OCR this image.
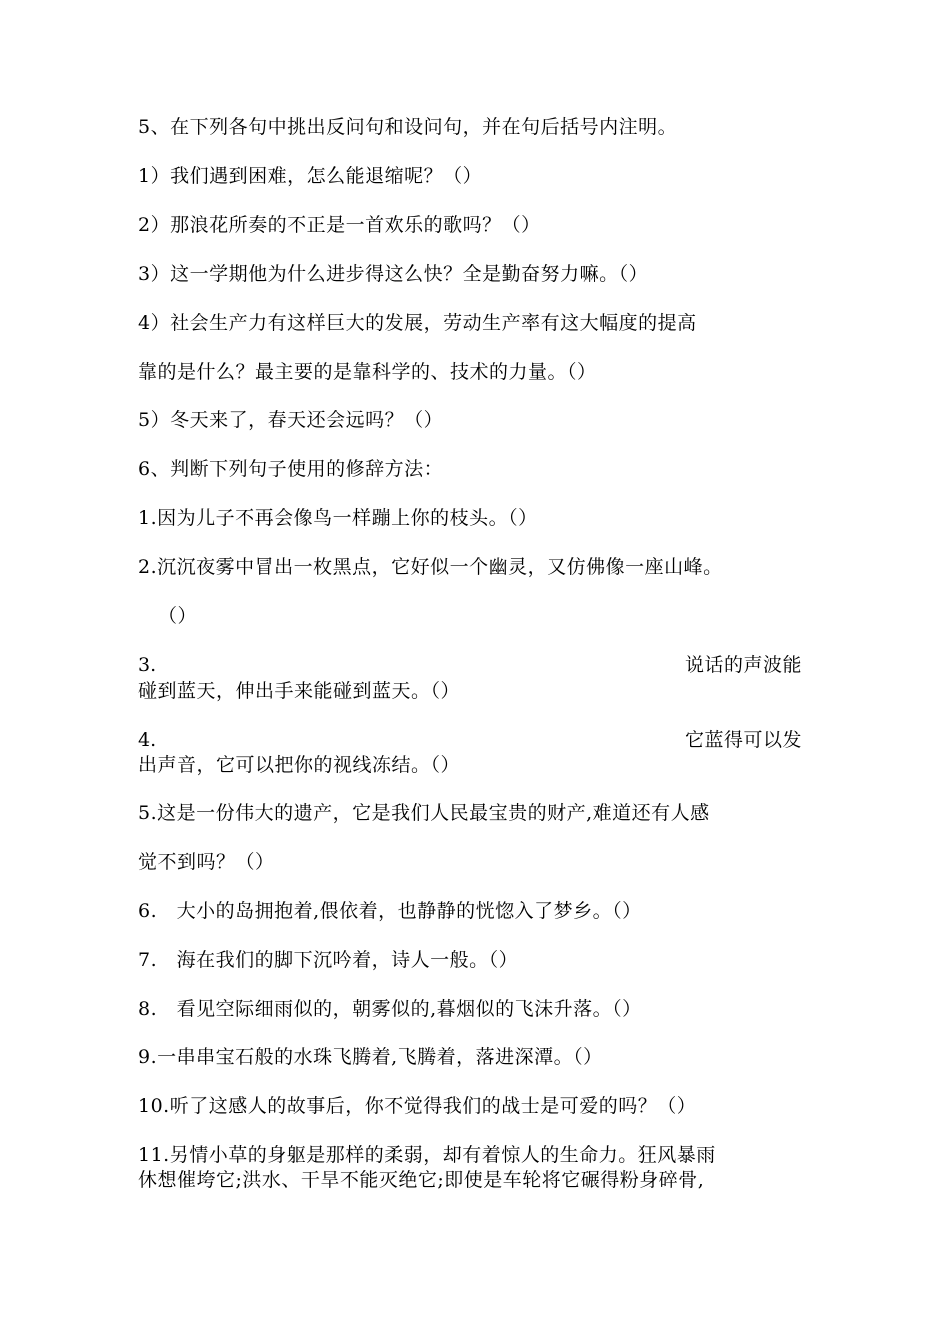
5、在下列各句中挑出反问句和设问句，并在句后括号内注明。
1）我们遇到困难，怎么能退缩呢？（）
2）那浪花所奏的不正是一首欢乐的歌吗？（）
3）这一学期他为什么进步得这么快？全是勤奋努力嘛。（）
4）社会生产力有这样巨大的发展，劳动生产率有这大幅度的提高
靠的是什么？最主要的是靠科学的、技术的力量。（）
5）冬天来了，春天还会远吗？（）
6、判断下列句子使用的修辞方法：
1.因为儿子不再会像鸟一样蹦上你的枝头。（）
2.沉沉夜雾中冒出一枚黑点，它好似一个幽灵，又仿佛像一座山峰。
（）
3.	说话的声波能
碰到蓝天，伸出手来能碰到蓝天。（）
4.	它蓝得可以发
出声音，它可以把你的视线冻结。（）
5.这是一份伟大的遗产，它是我们人民最宝贵的财产,难道还有人感
觉不到吗？（）
6.　大小的岛拥抱着,偎依着，也静静的恍惚入了梦乡。（）
7.　海在我们的脚下沉吟着，诗人一般。（）
8.　看见空际细雨似的，朝雾似的,暮烟似的飞沫升落。（）
9.一串串宝石般的水珠飞腾着,飞腾着，落进深潭。（）
10.听了这感人的故事后，你不觉得我们的战士是可爱的吗？（）
11.另情小草的身躯是那样的柔弱，却有着惊人的生命力。狂风暴雨
休想催垮它;洪水、干旱不能灭绝它;即使是车轮将它碾得粉身碎骨,
